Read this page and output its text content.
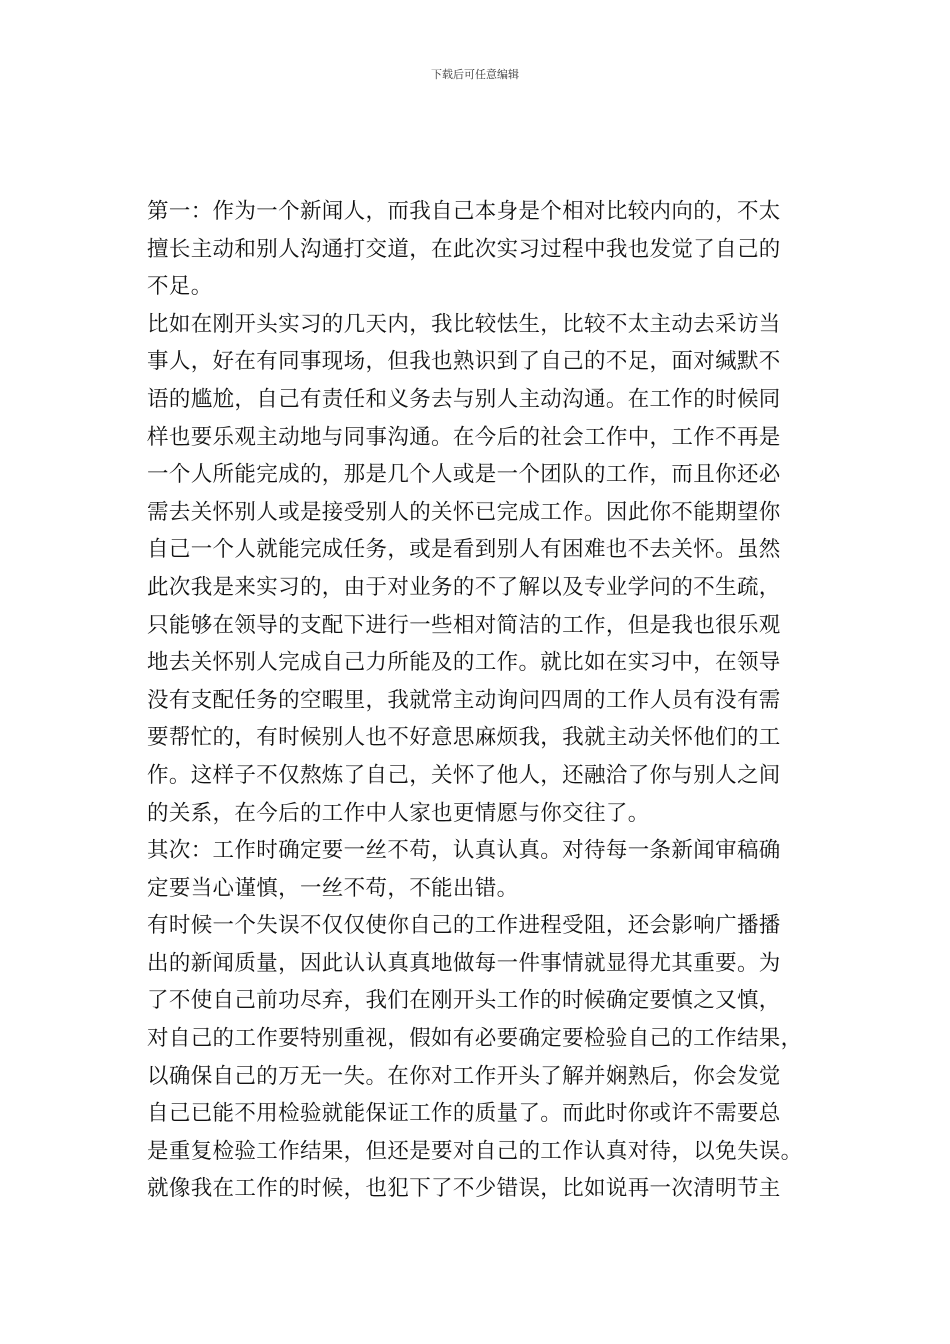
下载后可任意编辑
第一：作为一个新闻人，而我自己本身是个相对比较内向的，不太
擅长主动和别人沟通打交道，在此次实习过程中我也发觉了自己的
不足。
比如在刚开头实习的几天内，我比较怯生，比较不太主动去采访当
事人，好在有同事现场，但我也熟识到了自己的不足，面对缄默不
语的尴尬，自己有责任和义务去与别人主动沟通。在工作的时候同
样也要乐观主动地与同事沟通。在今后的社会工作中，工作不再是
一个人所能完成的，那是几个人或是一个团队的工作，而且你还必
需去关怀别人或是接受别人的关怀已完成工作。因此你不能期望你
自己一个人就能完成任务，或是看到别人有困难也不去关怀。虽然
此次我是来实习的，由于对业务的不了解以及专业学问的不生疏，
只能够在领导的支配下进行一些相对简洁的工作，但是我也很乐观
地去关怀别人完成自己力所能及的工作。就比如在实习中，在领导
没有支配任务的空暇里，我就常主动询问四周的工作人员有没有需
要帮忙的，有时候别人也不好意思麻烦我，我就主动关怀他们的工
作。这样子不仅熬炼了自己，关怀了他人，还融洽了你与别人之间
的关系，在今后的工作中人家也更情愿与你交往了。
其次：工作时确定要一丝不苟，认真认真。对待每一条新闻审稿确
定要当心谨慎，一丝不苟，不能出错。
有时候一个失误不仅仅使你自己的工作进程受阻，还会影响广播播
出的新闻质量，因此认认真真地做每一件事情就显得尤其重要。为
了不使自己前功尽弃，我们在刚开头工作的时候确定要慎之又慎，
对自己的工作要特别重视，假如有必要确定要检验自己的工作结果，
以确保自己的万无一失。在你对工作开头了解并娴熟后，你会发觉
自己已能不用检验就能保证工作的质量了。而此时你或许不需要总
是重复检验工作结果，但还是要对自己的工作认真对待，以免失误。
就像我在工作的时候，也犯下了不少错误，比如说再一次清明节主
